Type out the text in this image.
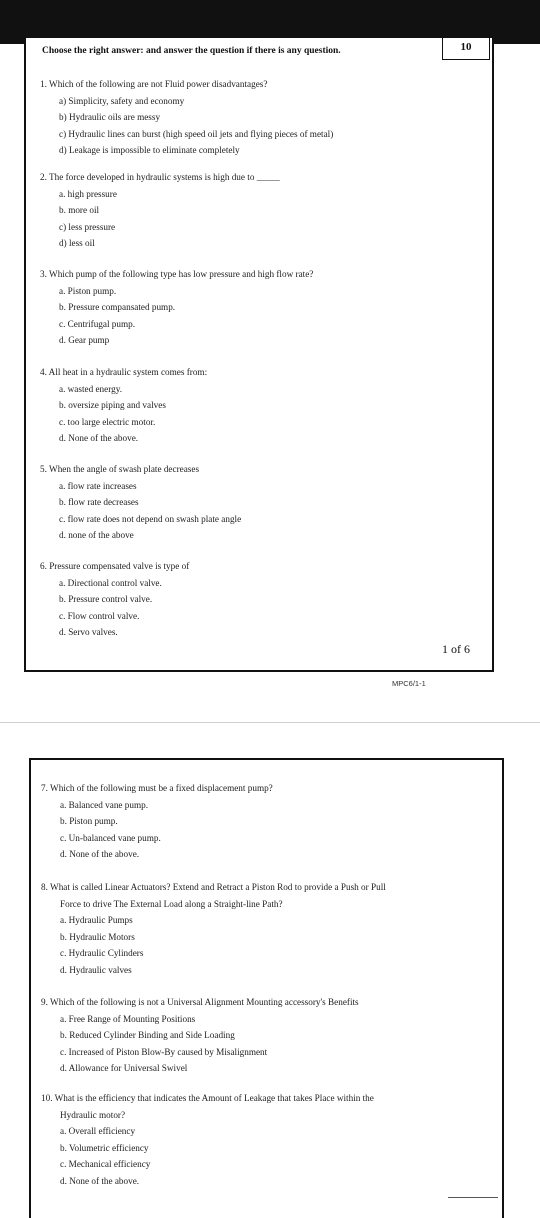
Choose the right answer: and answer the question if there is any question.	10
1. Which of the following are not Fluid power disadvantages?
a) Simplicity, safety and economy
b) Hydraulic oils are messy
c) Hydraulic lines can burst (high speed oil jets and flying pieces of metal)
d) Leakage is impossible to eliminate completely
2. The force developed in hydraulic systems is high due to _____
a. high pressure
b. more oil
c) less pressure
d) less oil
3. Which pump of the following type has low pressure and high flow rate?
a. Piston pump.
b. Pressure compansated pump.
c. Centrifugal pump.
d. Gear pump
4. All heat in a hydraulic system comes from:
a. wasted energy.
b. oversize piping and valves
c. too large electric motor.
d. None of the above.
5. When the angle of swash plate decreases
a. flow rate increases
b. flow rate decreases
c. flow rate does not depend on swash plate angle
d. none of the above
6. Pressure compensated valve is type of
a. Directional control valve.
b. Pressure control valve.
c. Flow control valve.
d. Servo valves.
1 of 6
MPC6/1-1
7. Which of the following must be a fixed displacement pump?
a. Balanced vane pump.
b. Piston pump.
c. Un-balanced vane pump.
d. None of the above.
8. What is called Linear Actuators? Extend and Retract a Piston Rod to provide a Push or Pull
Force to drive The External Load along a Straight-line Path?
a. Hydraulic Pumps
b. Hydraulic Motors
c. Hydraulic Cylinders
d. Hydraulic valves
9. Which of the following is not a Universal Alignment Mounting accessory's Benefits
a. Free Range of Mounting Positions
b. Reduced Cylinder Binding and Side Loading
c. Increased of Piston Blow-By caused by Misalignment
d. Allowance for Universal Swivel
10. What is the efficiency that indicates the Amount of Leakage that takes Place within the
Hydraulic motor?
a. Overall efficiency
b. Volumetric efficiency
c. Mechanical efficiency
d. None of the above.
